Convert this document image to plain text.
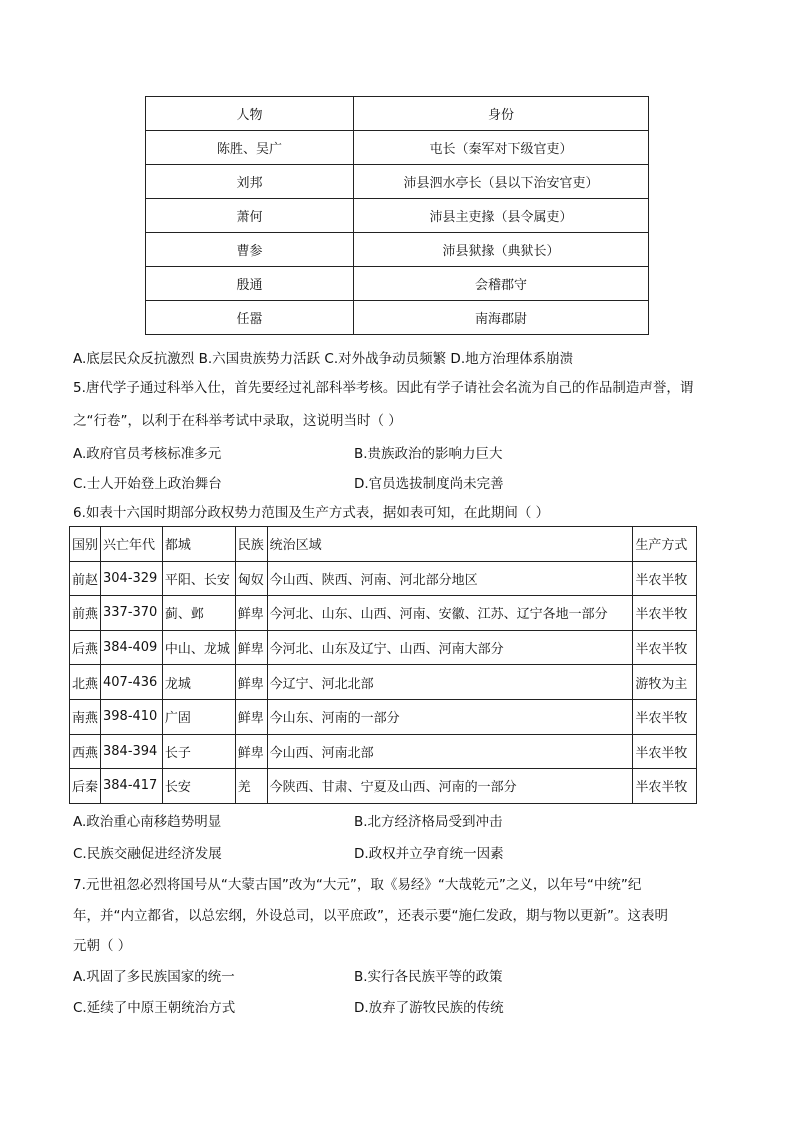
人物	身份
陈胜、吴广	屯长（秦军对下级官吏）
刘邦	沛县泗水亭长（县以下治安官吏）
萧何	沛县主吏掾（县令属吏）
曹参	沛县狱掾（典狱长）
殷通	会稽郡守
任嚣	南海郡尉
A.底层民众反抗激烈 B.六国贵族势力活跃 C.对外战争动员频繁 D.地方治理体系崩溃
5.唐代学子通过科举入仕，首先要经过礼部科举考核。因此有学子请社会名流为自己的作品制造声誉，谓
之“行卷”，以利于在科举考试中录取，这说明当时（ ）
A.政府官员考核标准多元	B.贵族政治的影响力巨大
C.士人开始登上政治舞台	D.官员选拔制度尚未完善
6.如表十六国时期部分政权势力范围及生产方式表，据如表可知，在此期间（ ）
国别	兴亡年代	都城	民族	统治区域	生产方式
前赵	304-329	平阳、长安	匈奴	今山西、陕西、河南、河北部分地区	半农半牧
前燕	337-370	蓟、邺	鲜卑	今河北、山东、山西、河南、安徽、江苏、辽宁各地一部分	半农半牧
后燕	384-409	中山、龙城	鲜卑	今河北、山东及辽宁、山西、河南大部分	半农半牧
北燕	407-436	龙城	鲜卑	今辽宁、河北北部	游牧为主
南燕	398-410	广固	鲜卑	今山东、河南的一部分	半农半牧
西燕	384-394	长子	鲜卑	今山西、河南北部	半农半牧
后秦	384-417	长安	羌	今陕西、甘肃、宁夏及山西、河南的一部分	半农半牧
A.政治重心南移趋势明显	B.北方经济格局受到冲击
C.民族交融促进经济发展	D.政权并立孕育统一因素
7.元世祖忽必烈将国号从“大蒙古国”改为“大元”，取《易经》“大哉乾元”之义，以年号“中统”纪
年，并“内立都省，以总宏纲，外设总司，以平庶政”，还表示要“施仁发政，期与物以更新”。这表明
元朝（ ）
A.巩固了多民族国家的统一	B.实行各民族平等的政策
C.延续了中原王朝统治方式	D.放弃了游牧民族的传统
